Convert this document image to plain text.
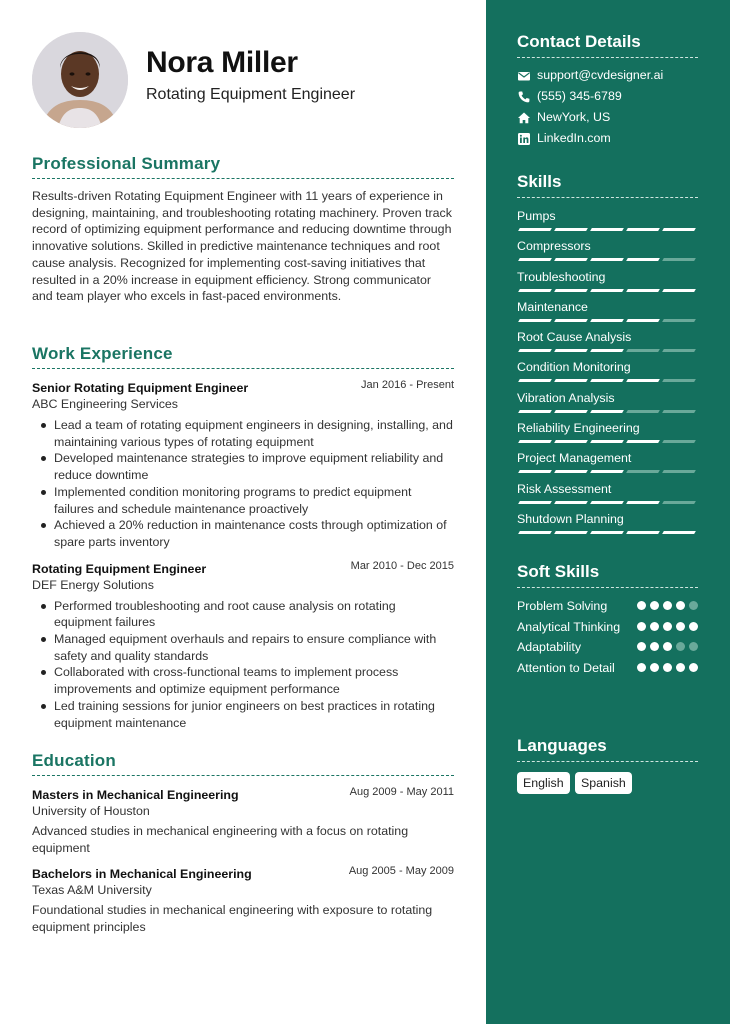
Nora Miller
Rotating Equipment Engineer
Professional Summary
Results-driven Rotating Equipment Engineer with 11 years of experience in designing, maintaining, and troubleshooting rotating machinery. Proven track record of optimizing equipment performance and reducing downtime through innovative solutions. Skilled in predictive maintenance techniques and root cause analysis. Recognized for implementing cost-saving initiatives that resulted in a 20% increase in equipment efficiency. Strong communicator and team player who excels in fast-paced environments.
Work Experience
Senior Rotating Equipment Engineer	Jan 2016 - Present
ABC Engineering Services
Lead a team of rotating equipment engineers in designing, installing, and maintaining various types of rotating equipment
Developed maintenance strategies to improve equipment reliability and reduce downtime
Implemented condition monitoring programs to predict equipment failures and schedule maintenance proactively
Achieved a 20% reduction in maintenance costs through optimization of spare parts inventory
Rotating Equipment Engineer	Mar 2010 - Dec 2015
DEF Energy Solutions
Performed troubleshooting and root cause analysis on rotating equipment failures
Managed equipment overhauls and repairs to ensure compliance with safety and quality standards
Collaborated with cross-functional teams to implement process improvements and optimize equipment performance
Led training sessions for junior engineers on best practices in rotating equipment maintenance
Education
Masters in Mechanical Engineering	Aug 2009 - May 2011
University of Houston
Advanced studies in mechanical engineering with a focus on rotating equipment
Bachelors in Mechanical Engineering	Aug 2005 - May 2009
Texas A&M University
Foundational studies in mechanical engineering with exposure to rotating equipment principles
Contact Details
support@cvdesigner.ai
(555) 345-6789
NewYork, US
LinkedIn.com
Skills
Pumps
Compressors
Troubleshooting
Maintenance
Root Cause Analysis
Condition Monitoring
Vibration Analysis
Reliability Engineering
Project Management
Risk Assessment
Shutdown Planning
Soft Skills
Problem Solving
Analytical Thinking
Adaptability
Attention to Detail
Languages
English	Spanish
